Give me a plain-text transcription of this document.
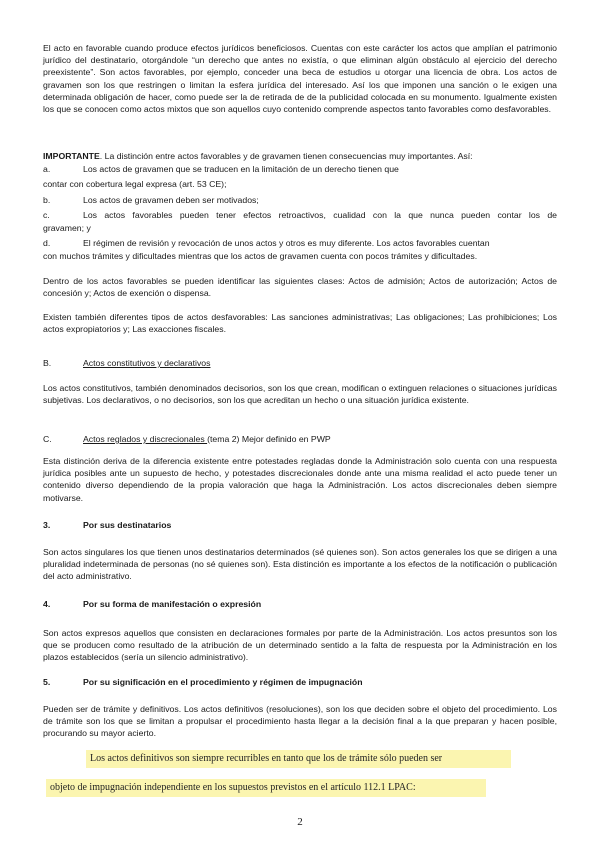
El acto en favorable cuando produce efectos jurídicos beneficiosos. Cuentas con este carácter los actos que amplían el patrimonio jurídico del destinatario, otorgándole “un derecho que antes no existía, o que eliminan algún obstáculo al ejercicio del derecho preexistente”. Son actos favorables, por ejemplo, conceder una beca de estudios u otorgar una licencia de obra. Los actos de gravamen son los que restringen o limitan la esfera jurídica del interesado. Así los que imponen una sanción o le exigen una determinada obligación de hacer, como puede ser la de retirada de de la publicidad colocada en su monumento. Igualmente existen los que se conocen como actos mixtos que son aquellos cuyo contenido comprende aspectos tanto favorables como desfavorables.

IMPORTANTE. La distinción entre actos favorables y de gravamen tienen consecuencias muy importantes. Así:

a.	Los actos de gravamen que se traducen en la limitación de un derecho tienen que
contar con cobertura legal expresa (art. 53 CE);
b.	Los actos de gravamen deben ser motivados;
c.	Los actos favorables pueden tener efectos retroactivos, cualidad con la que nunca pueden contar los de
gravamen; y
d.	El régimen de revisión y revocación de unos actos y otros es muy diferente. Los actos favorables cuentan
con muchos trámites y dificultades mientras que los actos de gravamen cuenta con pocos trámites y dificultades.

Dentro de los actos favorables se pueden identificar las siguientes clases: Actos de admisión; Actos de autorización; Actos de concesión y; Actos de exención o dispensa.

Existen también diferentes tipos de actos desfavorables: Las sanciones administrativas; Las obligaciones; Las prohibiciones; Los actos expropiatorios y; Las exacciones fiscales.

B.	Actos constitutivos y declarativos

Los actos constitutivos, también denominados decisorios, son los que crean, modifican o extinguen relaciones o situaciones jurídicas subjetivas. Los declarativos, o no decisorios, son los que acreditan un hecho o una situación jurídica existente.

C.	Actos reglados y discrecionales (tema 2) Mejor definido en PWP

Esta distinción deriva de la diferencia existente entre potestades regladas donde la Administración solo cuenta con una respuesta jurídica posibles ante un supuesto de hecho, y potestades discrecionales donde ante una misma realidad el acto puede tener un contenido diverso dependiendo de la propia valoración que haga la Administración. Los actos discrecionales deben siempre motivarse.

3.	Por sus destinatarios

Son actos singulares los que tienen unos destinatarios determinados (sé quienes son). Son actos generales los que se dirigen a una pluralidad indeterminada de personas (no sé quienes son). Esta distinción es importante a los efectos de la notificación o publicación del acto administrativo.

4.	Por su forma de manifestación o expresión

Son actos expresos aquellos que consisten en declaraciones formales por parte de la Administración. Los actos presuntos son los que se producen como resultado de la atribución de un determinado sentido a la falta de respuesta por la Administración en los plazos establecidos (sería un silencio administrativo).

5.	Por su significación en el procedimiento y régimen de impugnación

Pueden ser de trámite y definitivos. Los actos definitivos (resoluciones), son los que deciden sobre el objeto del procedimiento. Los de trámite son los que se limitan a propulsar el procedimiento hasta llegar a la decisión final a la que preparan y hacen posible, procurando su mayor acierto.

Los actos definitivos son siempre recurribles en tanto que los de trámite sólo pueden ser
objeto de impugnación independiente en los supuestos previstos en el artículo 112.1 LPAC:
2
